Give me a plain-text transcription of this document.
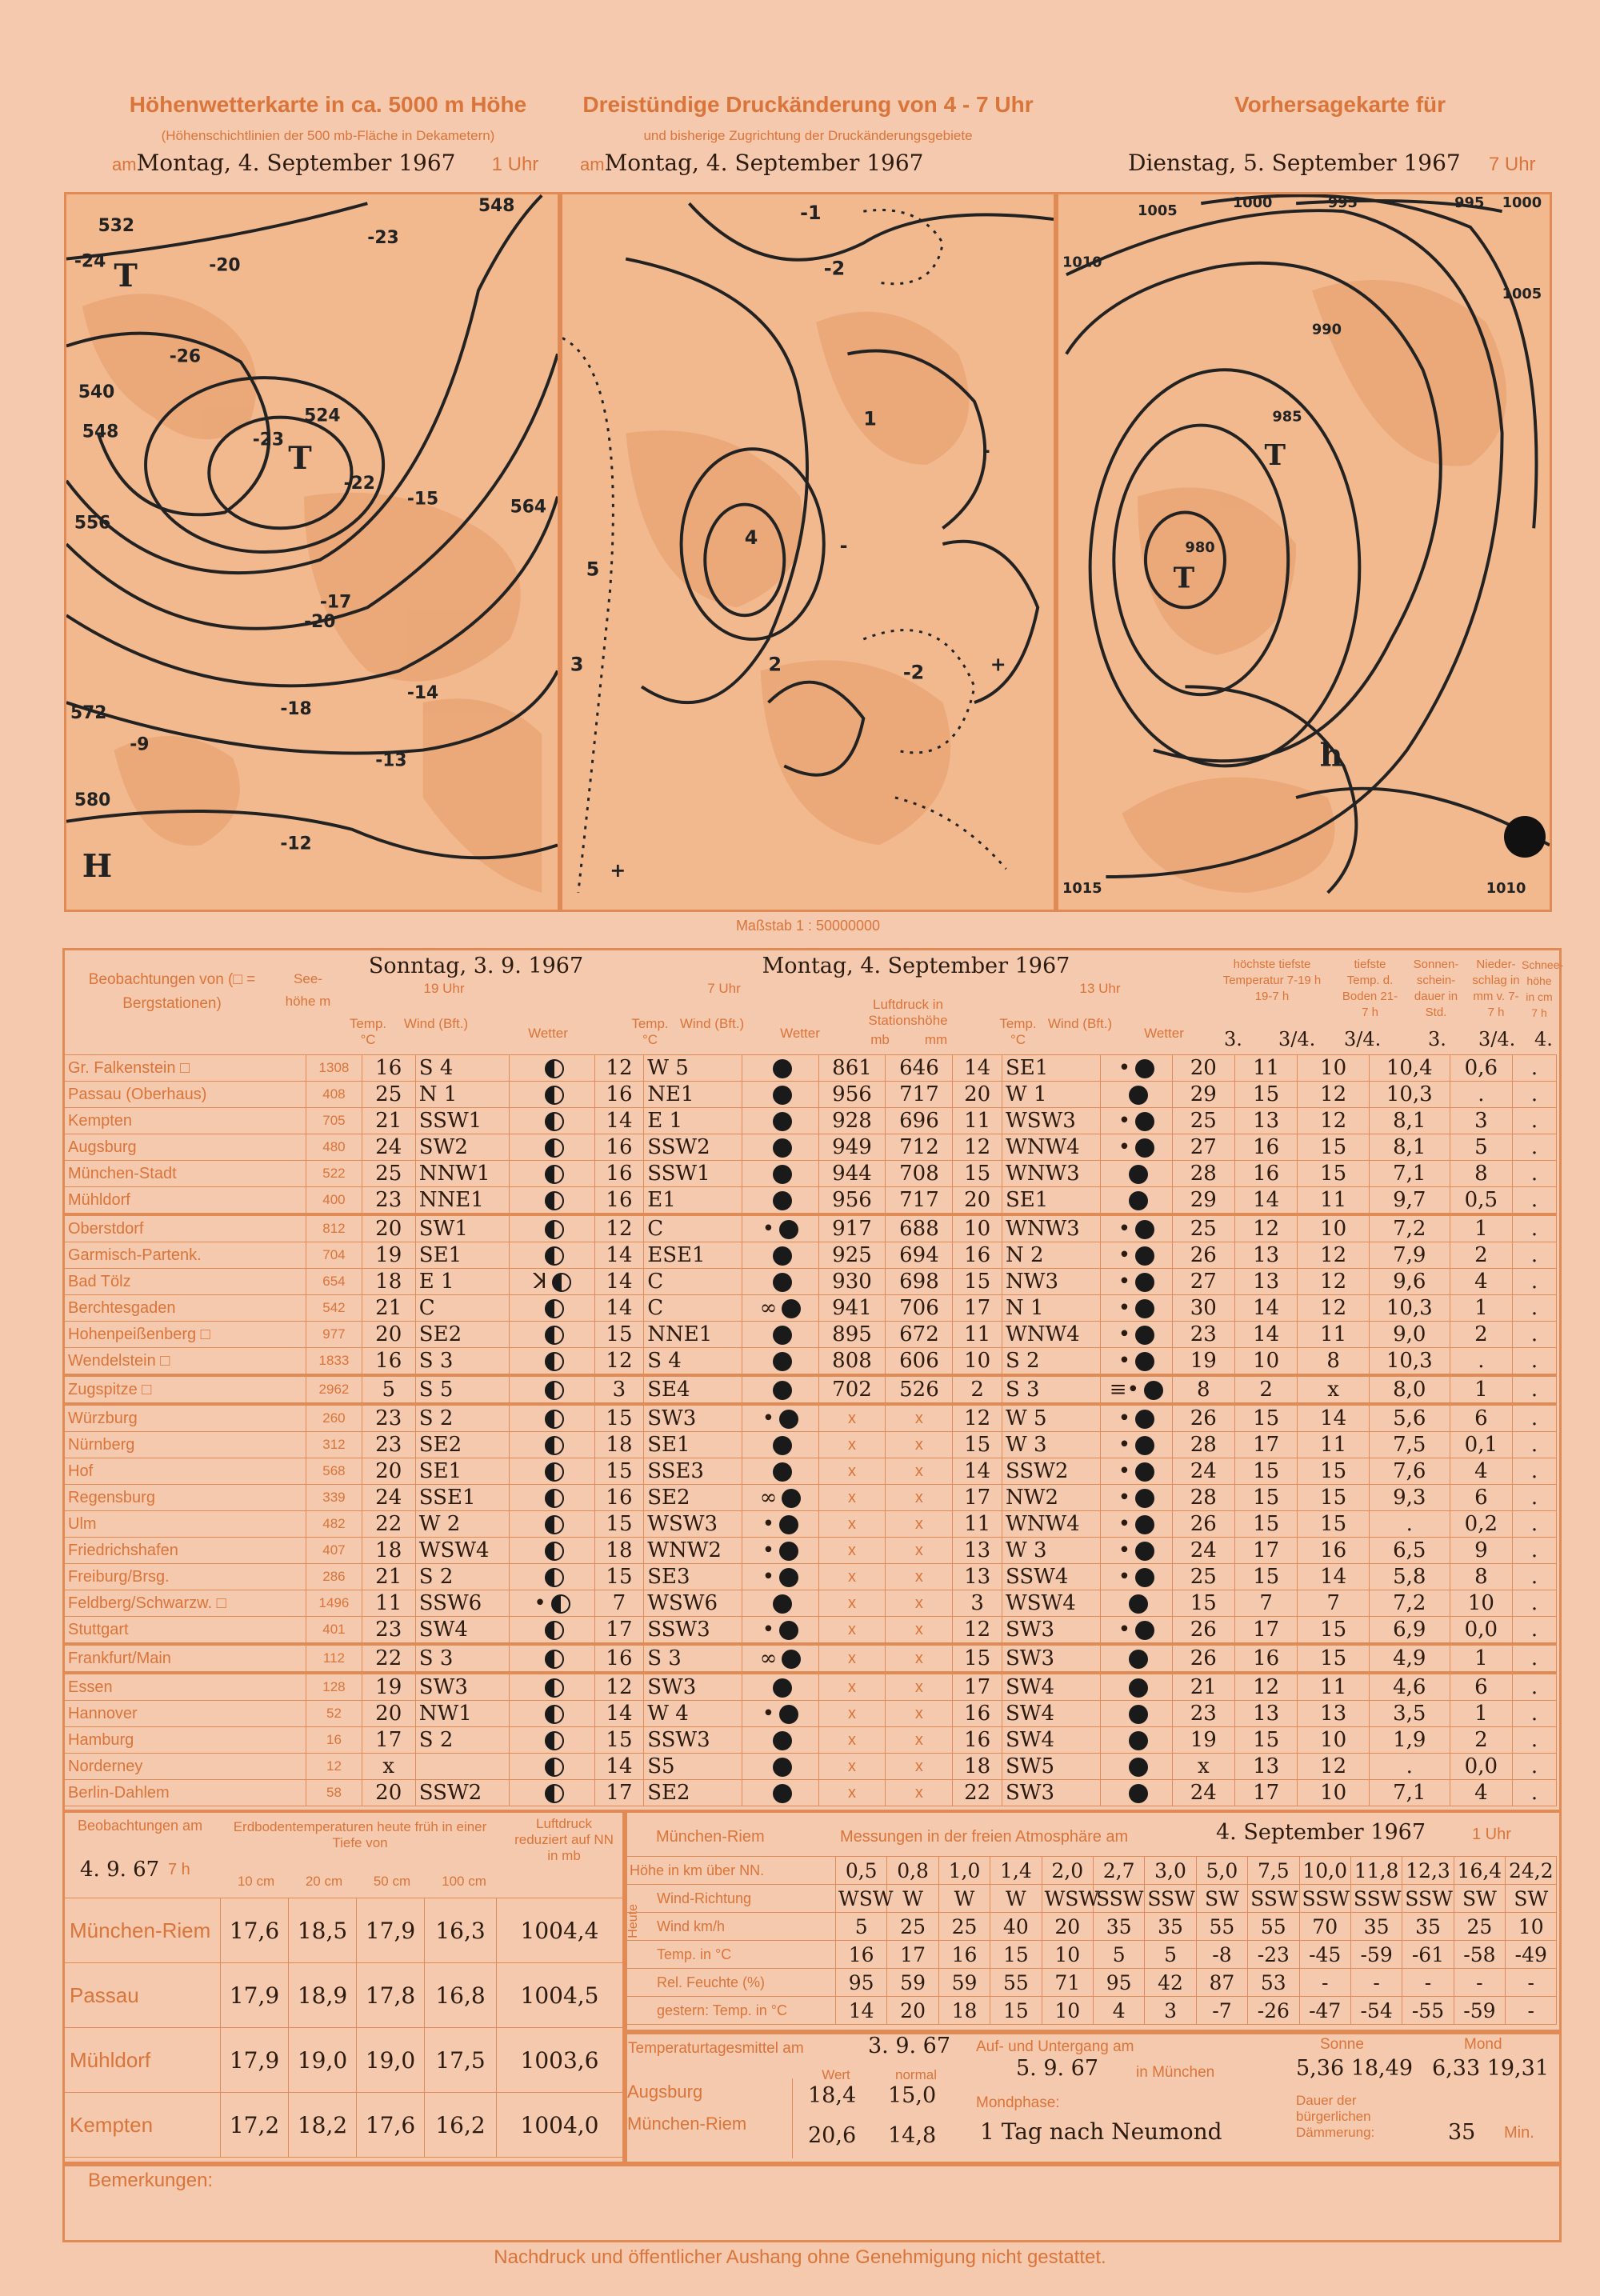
Höhenwetterkarte in ca. 5000 m Höhe
(Höhenschichtlinien der 500 mb-Fläche in Dekametern)
amMontag, 4. September 1967 1 Uhr
Dreistündige Druckänderung von 4 - 7 Uhr
und bisherige Zugrichtung der Druckänderungsgebiete
amMontag, 4. September 1967
Vorhersagekarte für
Dienstag, 5. September 1967 7 Uhr
532
540
548
556
564
572
580
524
548
-24
-23
-26
-20
-22
-15
-17
-18
-14
-13
-12
-9
-20
-23
T
T
H
-1
-2
4
1
2
3
5
-2	+
-
+
-
1005	1000	995
990
985
980
1010
1015
1005
1010
995 1000
T
T
h
Maßstab 1 : 50000000
Beobachtungen von (□ = Bergstationen)
See-höhe m
Sonntag, 3. 9. 1967
19 Uhr
Temp. °C
Wind (Bft.)
Wetter
Montag, 4. September 1967
7 Uhr	13 Uhr
Temp. °C
Wind (Bft.)
Wetter
Luftdruck in Stationshöhe
mb	mm
Temp. °C
Wind (Bft.)
Wetter
höchste tiefste Temperatur 7-19 h 19-7 h
tiefste Temp. d. Boden 21-7 h
Sonnen-schein-dauer in Std.
Nieder-schlag in mm v. 7-7 h
Schnee-höhe in cm 7 h
3. 3/4. 3/4. 3. 3/4. 4.
Gr. Falkenstein □	1308	16	S 4		12	W 5		861	646	14	SE1	•	20	11	10	10,4	0,6	.
Passau (Oberhaus)	408	25	N 1		16	NE1		956	717	20	W 1		29	15	12	10,3	.	.
Kempten	705	21	SSW1		14	E 1		928	696	11	WSW3	•	25	13	12	8,1	3	.
Augsburg	480	24	SW2		16	SSW2		949	712	12	WNW4	•	27	16	15	8,1	5	.
München-Stadt	522	25	NNW1		16	SSW1		944	708	15	WNW3		28	16	15	7,1	8	.
Mühldorf	400	23	NNE1		16	E1		956	717	20	SE1		29	14	11	9,7	0,5	.
Oberstdorf	812	20	SW1		12	C	•	917	688	10	WNW3	•	25	12	10	7,2	1	.
Garmisch-Partenk.	704	19	SE1		14	ESE1		925	694	16	N 2	•	26	13	12	7,9	2	.
Bad Tölz	654	18	E 1	ꓘ	14	C		930	698	15	NW3	•	27	13	12	9,6	4	.
Berchtesgaden	542	21	C		14	C	∞	941	706	17	N 1	•	30	14	12	10,3	1	.
Hohenpeißenberg □	977	20	SE2		15	NNE1		895	672	11	WNW4	•	23	14	11	9,0	2	.
Wendelstein □	1833	16	S 3		12	S 4		808	606	10	S 2	•	19	10	8	10,3	.	.
Zugspitze □	2962	5	S 5		3	SE4		702	526	2	S 3	≡•	8	2	x	8,0	1	.
Würzburg	260	23	S 2		15	SW3	•	x	x	12	W 5	•	26	15	14	5,6	6	.
Nürnberg	312	23	SE2		18	SE1		x	x	15	W 3	•	28	17	11	7,5	0,1	.
Hof	568	20	SE1		15	SSE3		x	x	14	SSW2	•	24	15	15	7,6	4	.
Regensburg	339	24	SSE1		16	SE2	∞	x	x	17	NW2	•	28	15	15	9,3	6	.
Ulm	482	22	W 2		15	WSW3	•	x	x	11	WNW4	•	26	15	15	.	0,2	.
Friedrichshafen	407	18	WSW4		18	WNW2	•	x	x	13	W 3	•	24	17	16	6,5	9	.
Freiburg/Brsg.	286	21	S 2		15	SE3	•	x	x	13	SSW4	•	25	15	14	5,8	8	.
Feldberg/Schwarzw. □	1496	11	SSW6	•	7	WSW6		x	x	3	WSW4		15	7	7	7,2	10	.
Stuttgart	401	23	SW4		17	SSW3	•	x	x	12	SW3	•	26	17	15	6,9	0,0	.
Frankfurt/Main	112	22	S 3		16	S 3	∞	x	x	15	SW3		26	16	15	4,9	1	.
Essen	128	19	SW3		12	SW3		x	x	17	SW4		21	12	11	4,6	6	.
Hannover	52	20	NW1		14	W 4	•	x	x	16	SW4		23	13	13	3,5	1	.
Hamburg	16	17	S 2		15	SSW3		x	x	16	SW4		19	15	10	1,9	2	.
Norderney	12	x			14	S5		x	x	18	SW5		x	13	12	.	0,0	.
Berlin-Dahlem	58	20	SSW2		17	SE2		x	x	22	SW3		24	17	10	7,1	4	.
Beobachtungen am
4. 9. 67 7 h
Erdbodentemperaturen heute früh in einer Tiefe von
10 cm	20 cm	50 cm	100 cm
Luftdruck reduziert auf NN in mb
München-Riem	17,6	18,5	17,9	16,3	1004,4
Passau	17,9	18,9	17,8	16,8	1004,5
Mühldorf	17,9	19,0	19,0	17,5	1003,6
Kempten	17,2	18,2	17,6	16,2	1004,0
München-Riem	Messungen in der freien Atmosphäre am	4. September 1967	1 Uhr
Heute
Höhe in km über NN.	0,5	0,8	1,0	1,4	2,0	2,7	3,0	5,0	7,5	10,0	11,8	12,3	16,4	24,2
Wind-Richtung	WSW	W	W	W	WSW	SSW	SSW	SW	SSW	SSW	SSW	SSW	SW	SW
Wind km/h	5	25	25	40	20	35	35	55	55	70	35	35	25	10
Temp. in °C	16	17	16	15	10	5	5	-8	-23	-45	-59	-61	-58	-49
Rel. Feuchte (%)	95	59	59	55	71	95	42	87	53	-	-	-	-	-
gestern: Temp. in °C	14	20	18	15	10	4	3	-7	-26	-47	-54	-55	-59	-
Temperaturtagesmittel am	3. 9. 67
Wert	normal
Augsburg	18,4 15,0
München-Riem	20,6 14,8
Auf- und Untergang am
5. 9. 67 in München
Sonne	Mond
5,36 18,49 6,33 19,31
Mondphase:
1 Tag nach Neumond
Dauer der bürgerlichen Dämmerung:	35 Min.
Bemerkungen:
Nachdruck und öffentlicher Aushang ohne Genehmigung nicht gestattet.
